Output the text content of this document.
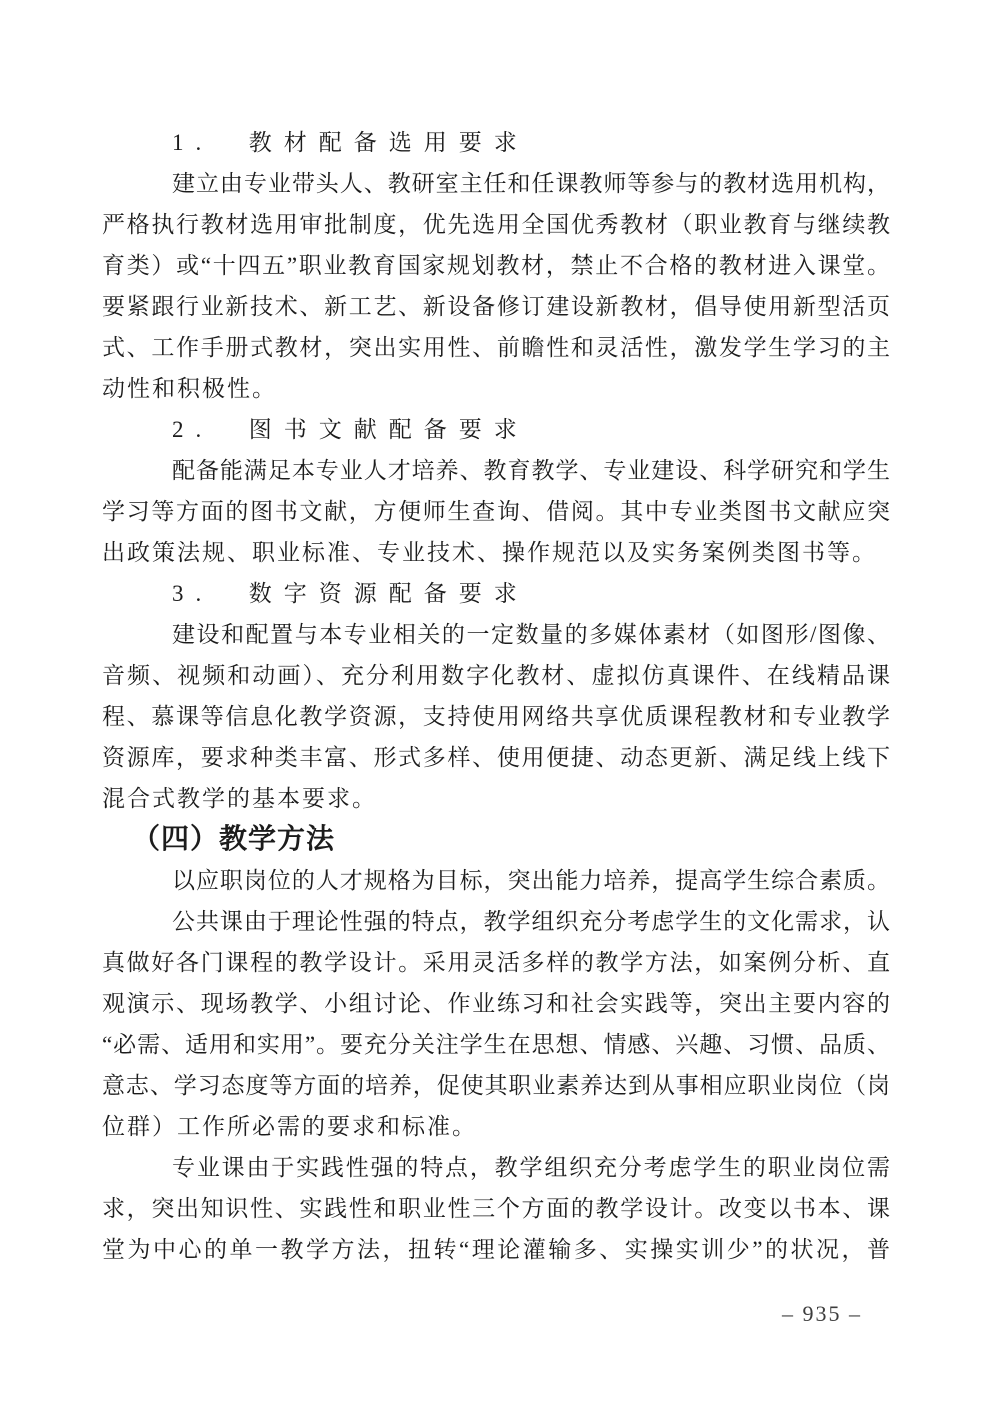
1.  教材配备选用要求
建立由专业带头人、教研室主任和任课教师等参与的教材选用机构，
严格执行教材选用审批制度，优先选用全国优秀教材（职业教育与继续教
育类）或“十四五”职业教育国家规划教材，禁止不合格的教材进入课堂。
要紧跟行业新技术、新工艺、新设备修订建设新教材，倡导使用新型活页
式、工作手册式教材，突出实用性、前瞻性和灵活性，激发学生学习的主
动性和积极性。
2.  图书文献配备要求
配备能满足本专业人才培养、教育教学、专业建设、科学研究和学生
学习等方面的图书文献，方便师生查询、借阅。其中专业类图书文献应突
出政策法规、职业标准、专业技术、操作规范以及实务案例类图书等。
3.  数字资源配备要求
建设和配置与本专业相关的一定数量的多媒体素材（如图形/图像、
音频、视频和动画）、充分利用数字化教材、虚拟仿真课件、在线精品课
程、慕课等信息化教学资源，支持使用网络共享优质课程教材和专业教学
资源库，要求种类丰富、形式多样、使用便捷、动态更新、满足线上线下
混合式教学的基本要求。
（四）教学方法
以应职岗位的人才规格为目标，突出能力培养，提高学生综合素质。
公共课由于理论性强的特点，教学组织充分考虑学生的文化需求，认
真做好各门课程的教学设计。采用灵活多样的教学方法，如案例分析、直
观演示、现场教学、小组讨论、作业练习和社会实践等，突出主要内容的
“必需、适用和实用”。要充分关注学生在思想、情感、兴趣、习惯、品质、
意志、学习态度等方面的培养，促使其职业素养达到从事相应职业岗位（岗
位群）工作所必需的要求和标准。
专业课由于实践性强的特点，教学组织充分考虑学生的职业岗位需
求，突出知识性、实践性和职业性三个方面的教学设计。改变以书本、课
堂为中心的单一教学方法，扭转“理论灌输多、实操实训少”的状况，普
– 935 –
